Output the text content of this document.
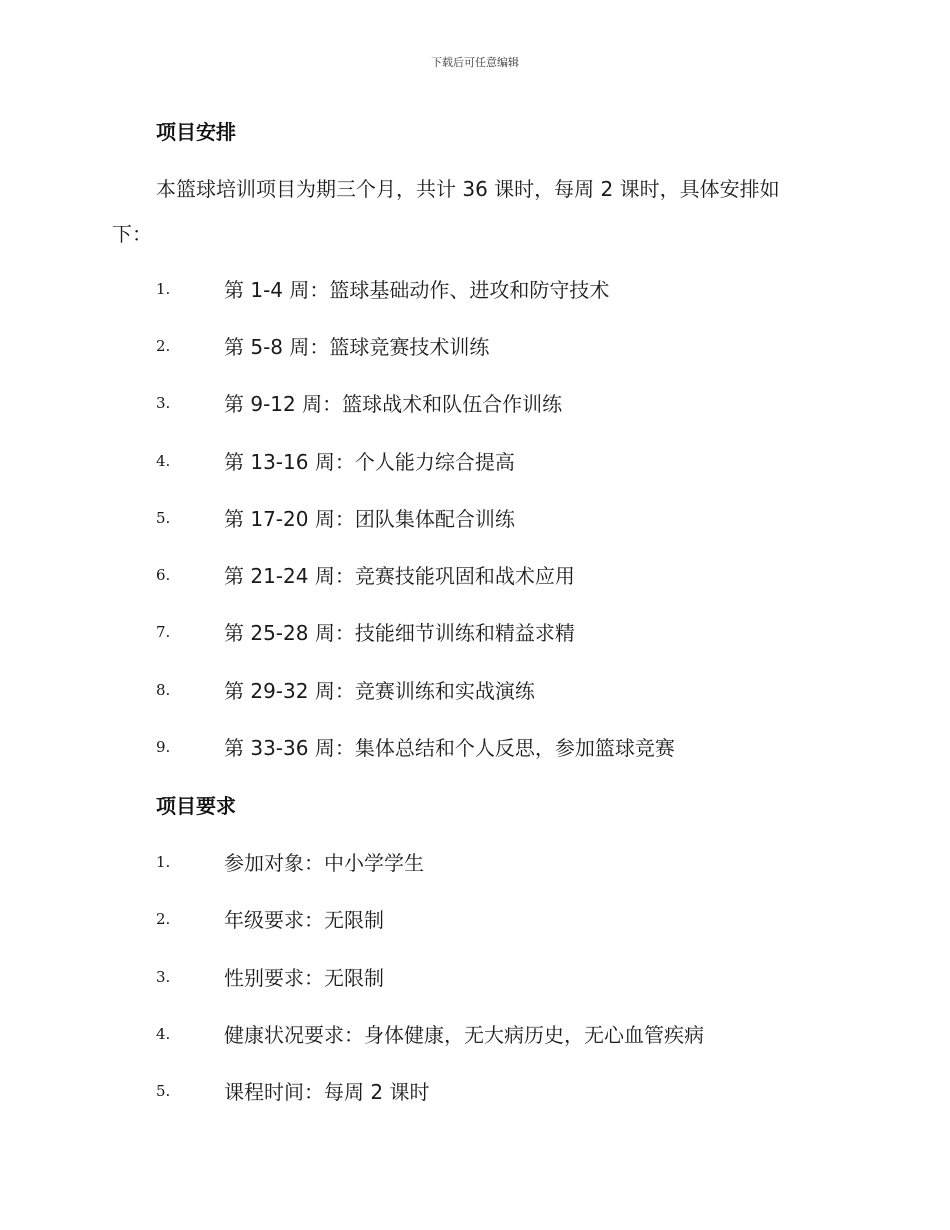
下载后可任意编辑
项目安排
本篮球培训项目为期三个月，共计 36 课时，每周 2 课时，具体安排如
下：
1.	第 1-4 周：篮球基础动作、进攻和防守技术
2.	第 5-8 周：篮球竞赛技术训练
3.	第 9-12 周：篮球战术和队伍合作训练
4.	第 13-16 周：个人能力综合提高
5.	第 17-20 周：团队集体配合训练
6.	第 21-24 周：竞赛技能巩固和战术应用
7.	第 25-28 周：技能细节训练和精益求精
8.	第 29-32 周：竞赛训练和实战演练
9.	第 33-36 周：集体总结和个人反思，参加篮球竞赛
项目要求
1.	参加对象：中小学学生
2.	年级要求：无限制
3.	性别要求：无限制
4.	健康状况要求：身体健康，无大病历史，无心血管疾病
5.	课程时间：每周 2 课时
